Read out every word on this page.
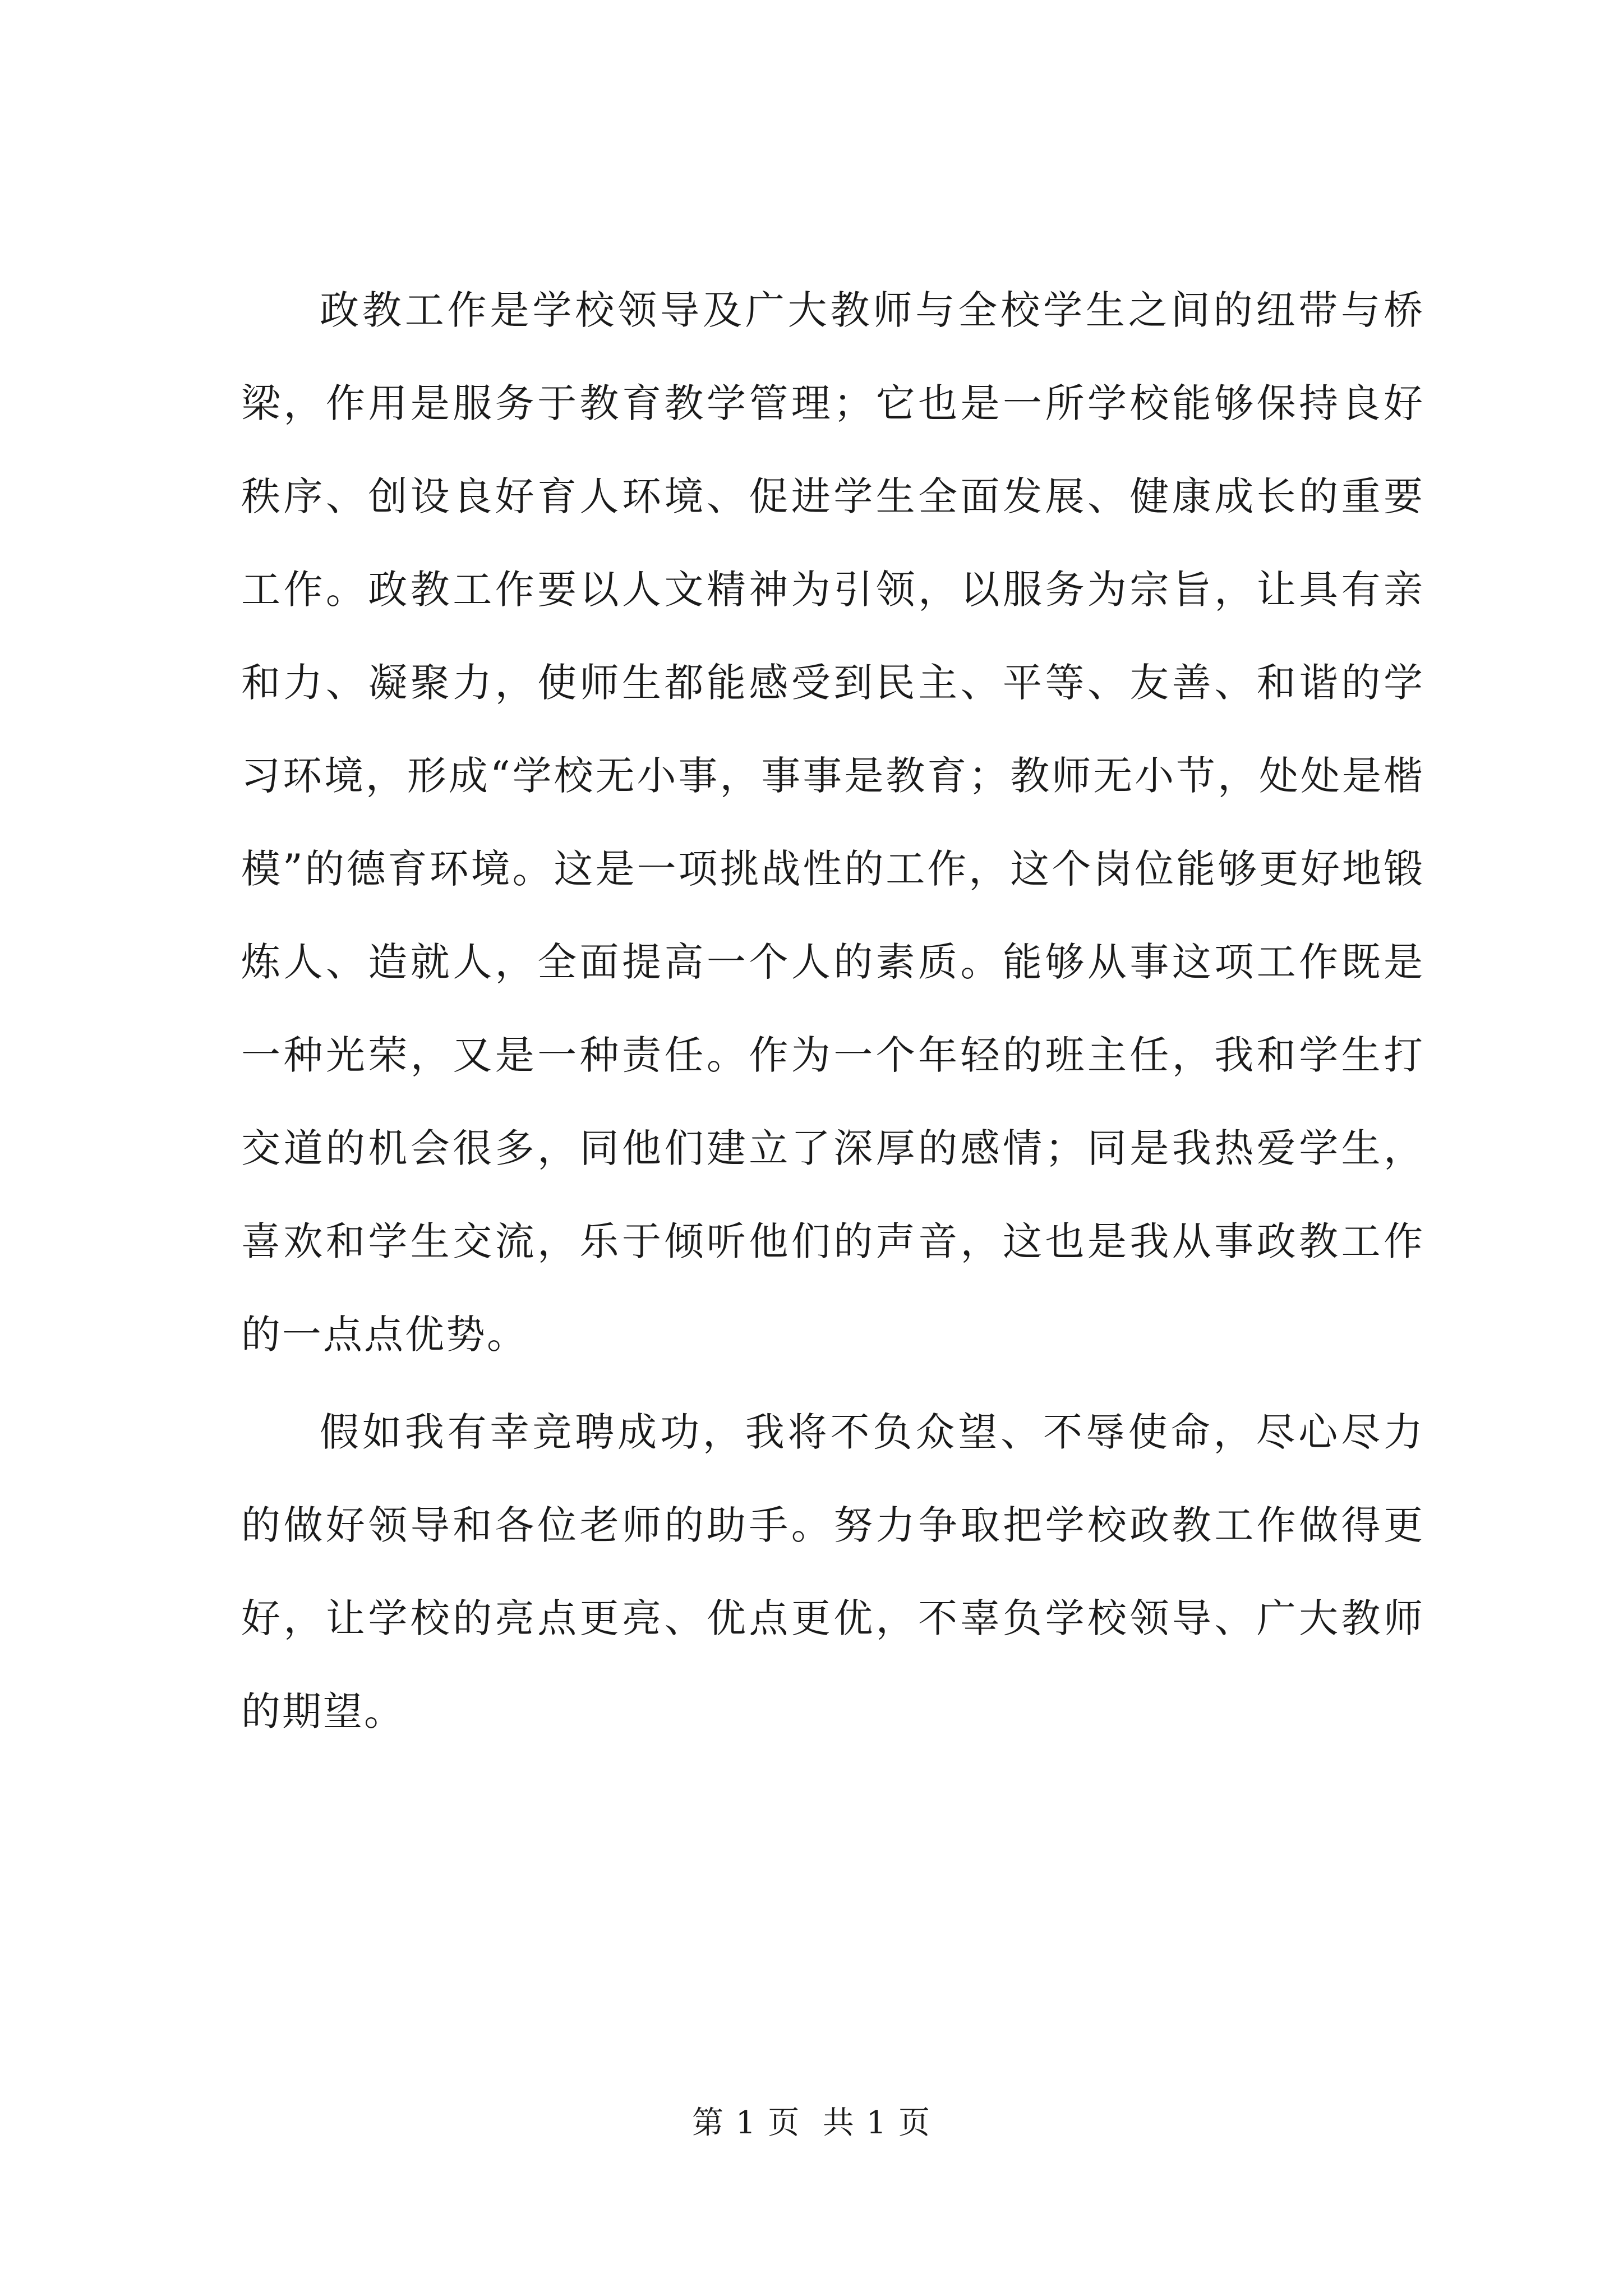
政教工作是学校领导及广大教师与全校学生之间的纽带与桥梁，作用是服务于教育教学管理；它也是一所学校能够保持良好秩序、创设良好育人环境、促进学生全面发展、健康成长的重要工作。政教工作要以人文精神为引领，以服务为宗旨，让具有亲和力、凝聚力，使师生都能感受到民主、平等、友善、和谐的学习环境，形成“学校无小事，事事是教育；教师无小节，处处是楷模”的德育环境。这是一项挑战性的工作，这个岗位能够更好地锻炼人、造就人，全面提高一个人的素质。能够从事这项工作既是一种光荣，又是一种责任。作为一个年轻的班主任，我和学生打交道的机会很多，同他们建立了深厚的感情；同是我热爱学生，喜欢和学生交流，乐于倾听他们的声音，这也是我从事政教工作的一点点优势。

假如我有幸竞聘成功，我将不负众望、不辱使命，尽心尽力的做好领导和各位老师的助手。努力争取把学校政教工作做得更好，让学校的亮点更亮、优点更优，不辜负学校领导、广大教师的期望。

第 1 页  共 1 页
